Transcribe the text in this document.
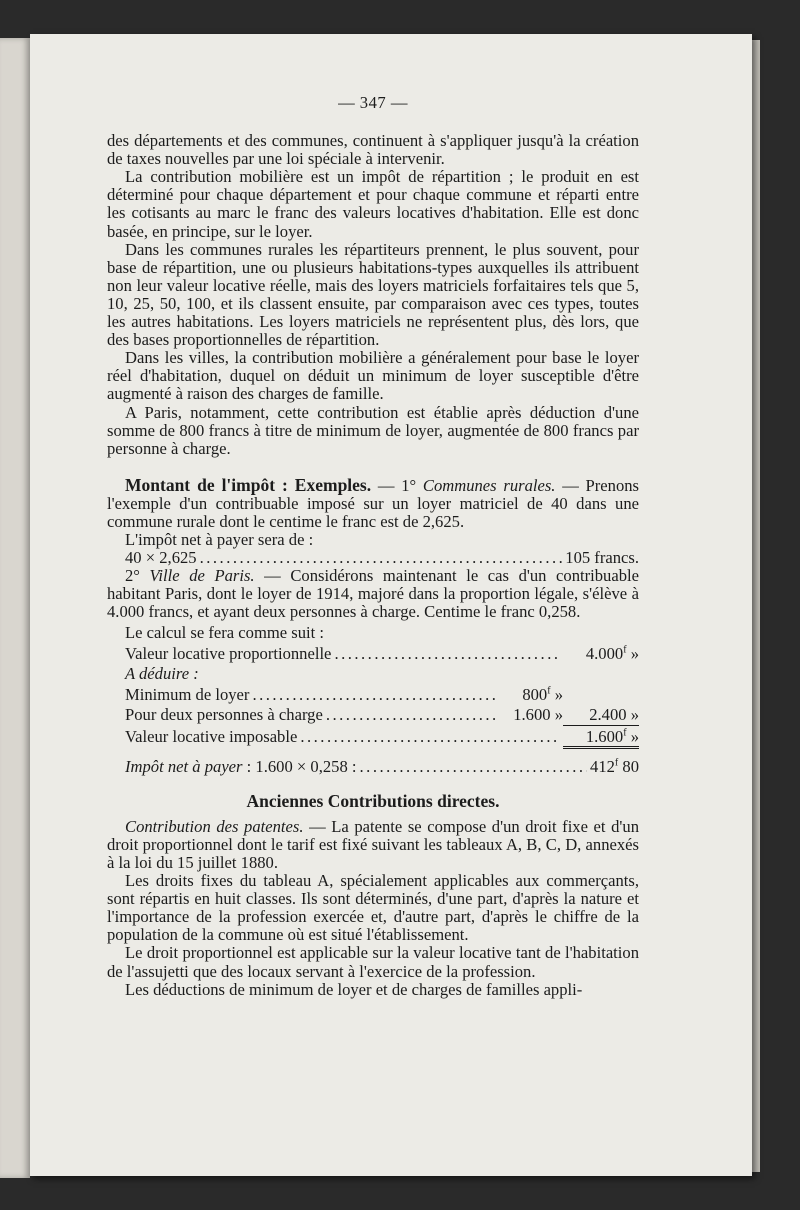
— 347 —

des départements et des communes, continuent à s'appliquer jusqu'à la création de taxes nouvelles par une loi spéciale à intervenir.

La contribution mobilière est un impôt de répartition ; le produit en est déterminé pour chaque département et pour chaque commune et réparti entre les cotisants au marc le franc des valeurs locatives d'habitation. Elle est donc basée, en principe, sur le loyer.

Dans les communes rurales les répartiteurs prennent, le plus souvent, pour base de répartition, une ou plusieurs habitations-types auxquelles ils attribuent non leur valeur locative réelle, mais des loyers matriciels forfaitaires tels que 5, 10, 25, 50, 100, et ils classent ensuite, par comparaison avec ces types, toutes les autres habitations. Les loyers matriciels ne représentent plus, dès lors, que des bases proportionnelles de répartition.

Dans les villes, la contribution mobilière a généralement pour base le loyer réel d'habitation, duquel on déduit un minimum de loyer susceptible d'être augmenté à raison des charges de famille.

A Paris, notamment, cette contribution est établie après déduction d'une somme de 800 francs à titre de minimum de loyer, augmentée de 800 francs par personne à charge.

Montant de l'impôt : Exemples. — 1° Communes rurales. — Prenons l'exemple d'un contribuable imposé sur un loyer matriciel de 40 dans une commune rurale dont le centime le franc est de 2,625.

L'impôt net à payer sera de :

40 × 2,625 .....	105 francs.

2° Ville de Paris. — Considérons maintenant le cas d'un contribuable habitant Paris, dont le loyer de 1914, majoré dans la proportion légale, s'élève à 4.000 francs, et ayant deux personnes à charge. Centime le franc 0,258.

Le calcul se fera comme suit :

Valeur locative proportionnelle .....	4.000$^f$ »
A déduire :
Minimum de loyer .....	800$^f$ »
Pour deux personnes à charge .....	1.600 »	2.400 »
Valeur locative imposable .....	1.600$^f$ »
Impôt net à payer : 1.600 × 0,258 : .....	412$^f$ 80

Anciennes Contributions directes.

Contribution des patentes. — La patente se compose d'un droit fixe et d'un droit proportionnel dont le tarif est fixé suivant les tableaux A, B, C, D, annexés à la loi du 15 juillet 1880.

Les droits fixes du tableau A, spécialement applicables aux commerçants, sont répartis en huit classes. Ils sont déterminés, d'une part, d'après la nature et l'importance de la profession exercée et, d'autre part, d'après le chiffre de la population de la commune où est situé l'établissement.

Le droit proportionnel est applicable sur la valeur locative tant de l'habitation de l'assujetti que des locaux servant à l'exercice de la profession.

Les déductions de minimum de loyer et de charges de familles appli-
